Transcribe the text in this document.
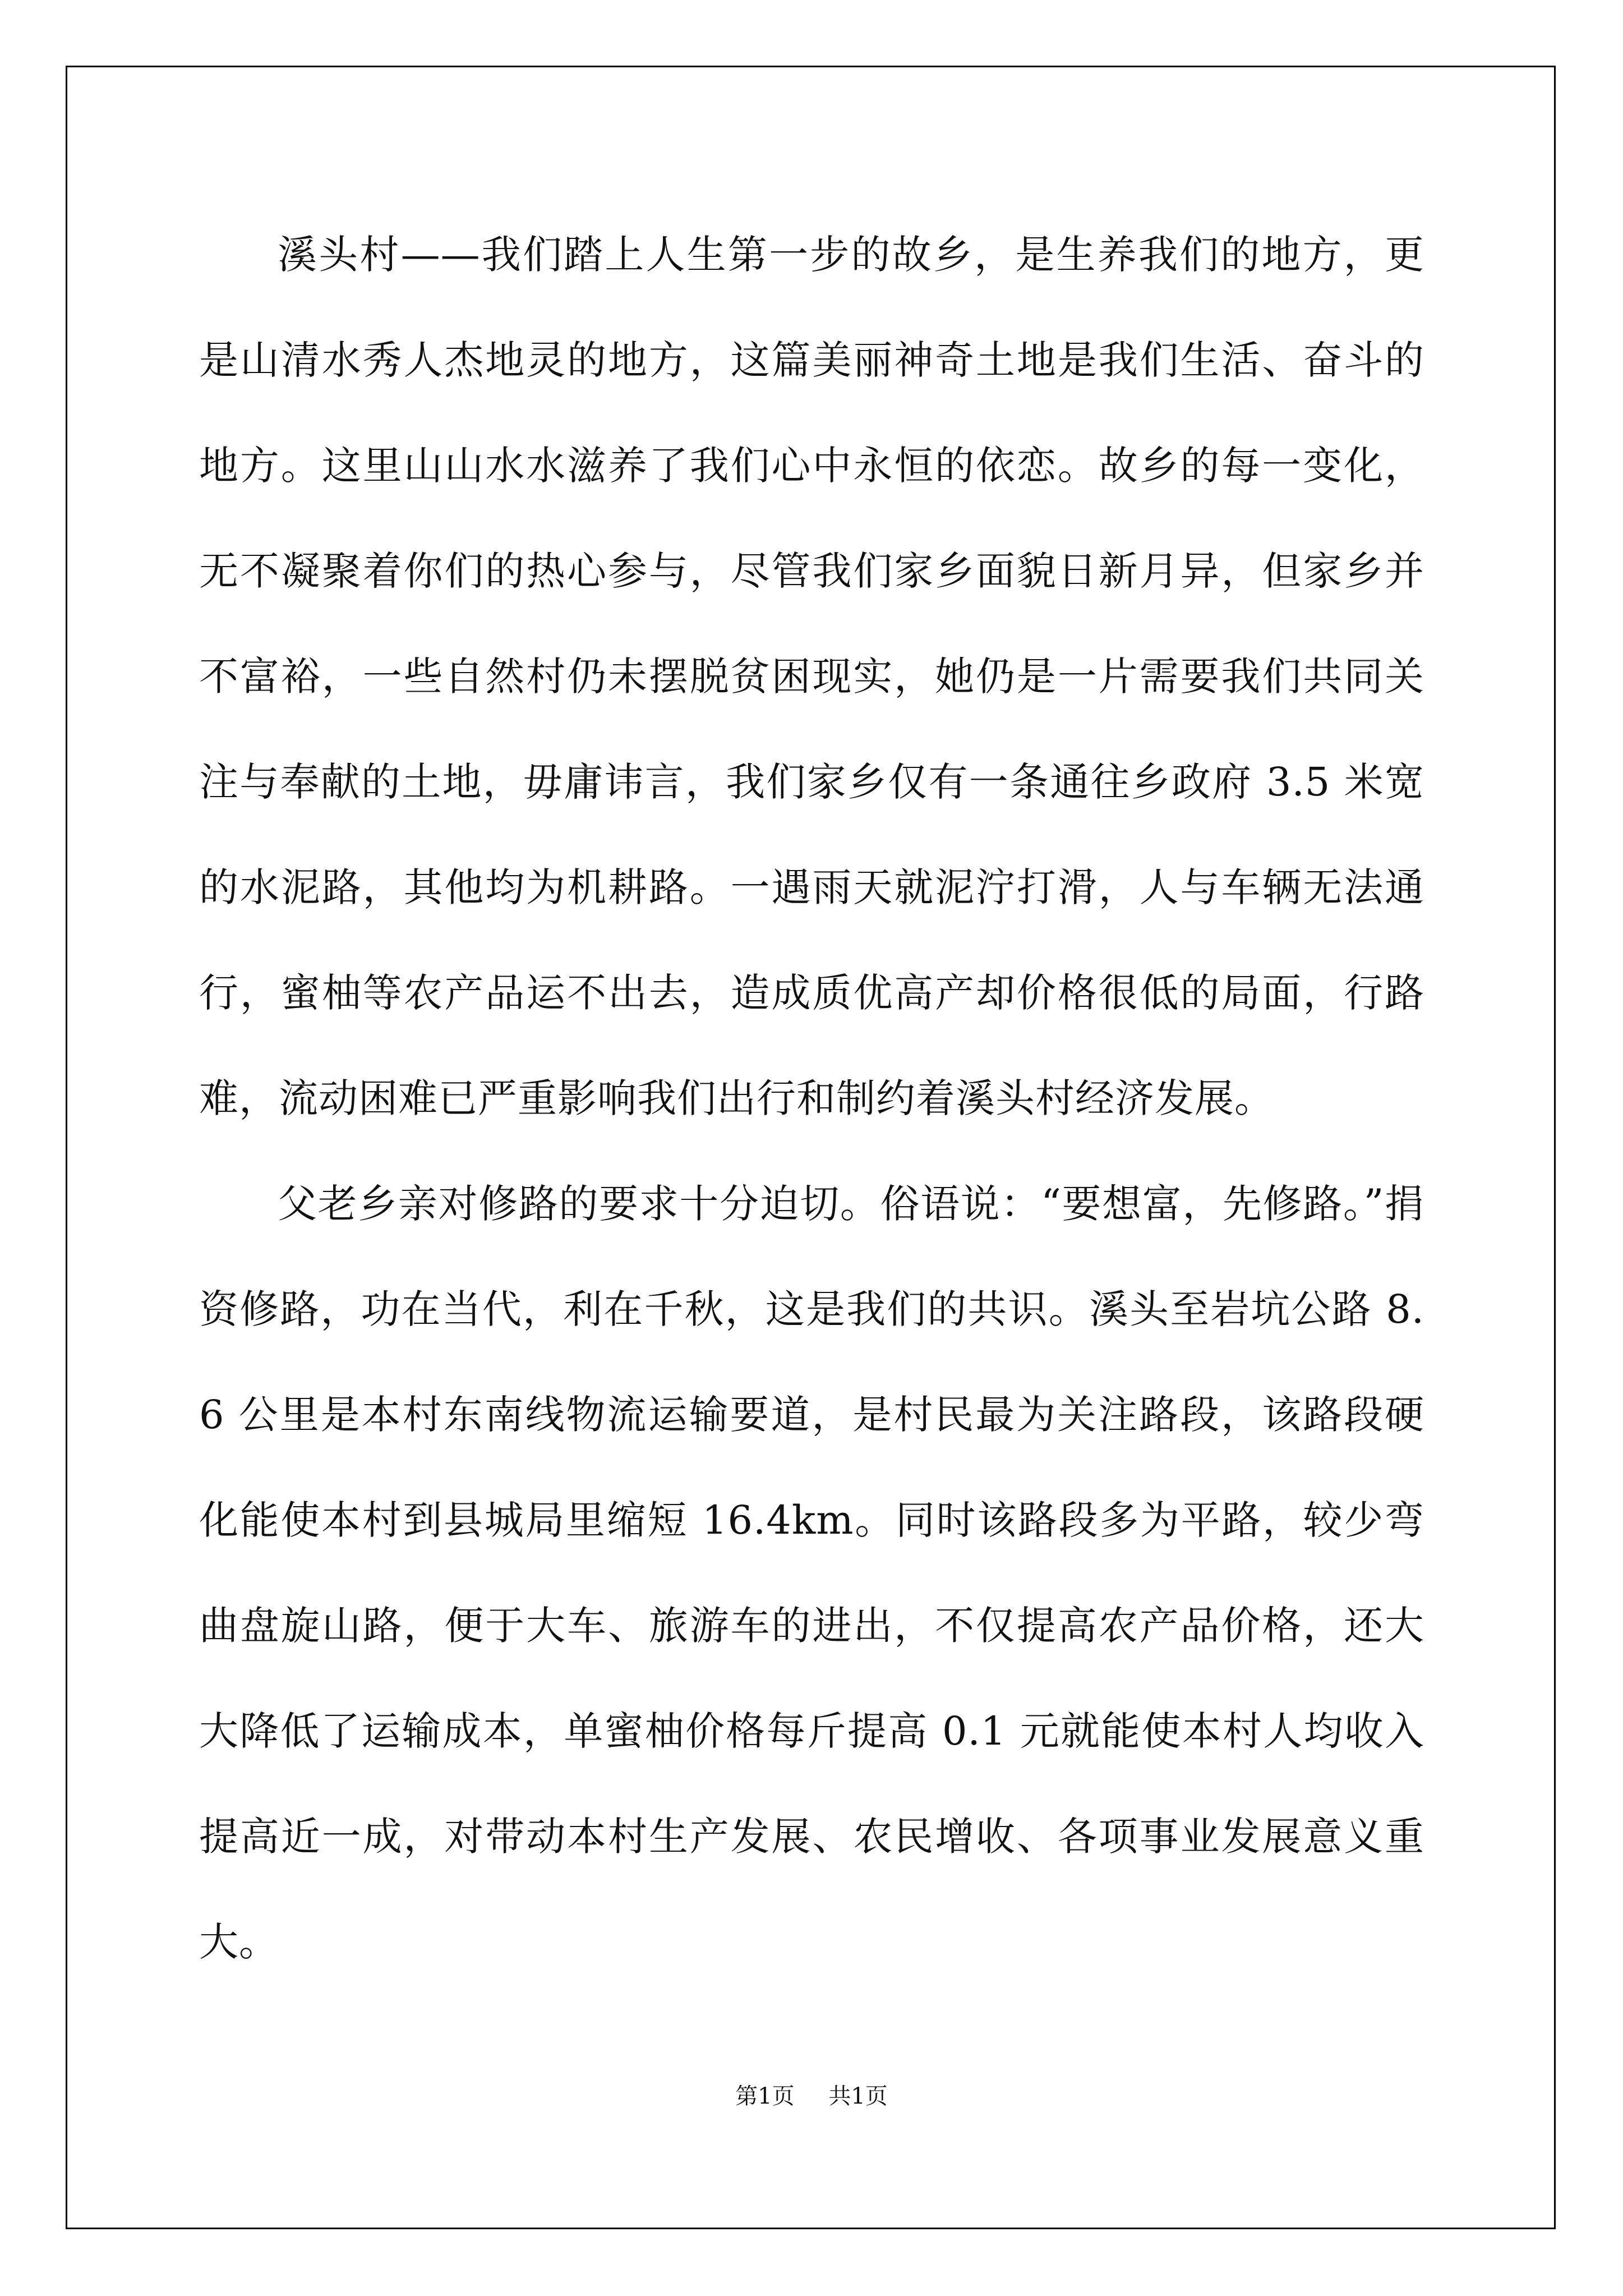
溪头村——我们踏上人生第一步的故乡，是生养我们的地方，更是山清水秀人杰地灵的地方，这篇美丽神奇土地是我们生活、奋斗的地方。这里山山水水滋养了我们心中永恒的依恋。故乡的每一变化，无不凝聚着你们的热心参与，尽管我们家乡面貌日新月异，但家乡并不富裕，一些自然村仍未摆脱贫困现实，她仍是一片需要我们共同关注与奉献的土地，毋庸讳言，我们家乡仅有一条通往乡政府 3.5 米宽的水泥路，其他均为机耕路。一遇雨天就泥泞打滑，人与车辆无法通行，蜜柚等农产品运不出去，造成质优高产却价格很低的局面，行路难，流动困难已严重影响我们出行和制约着溪头村经济发展。

父老乡亲对修路的要求十分迫切。俗语说：“要想富，先修路。”捐资修路，功在当代，利在千秋，这是我们的共识。溪头至岩坑公路 8.6 公里是本村东南线物流运输要道，是村民最为关注路段，该路段硬化能使本村到县城局里缩短 16.4km。同时该路段多为平路，较少弯曲盘旋山路，便于大车、旅游车的进出，不仅提高农产品价格，还大大降低了运输成本，单蜜柚价格每斤提高 0.1 元就能使本村人均收入提高近一成，对带动本村生产发展、农民增收、各项事业发展意义重大。

第1页 共1页
